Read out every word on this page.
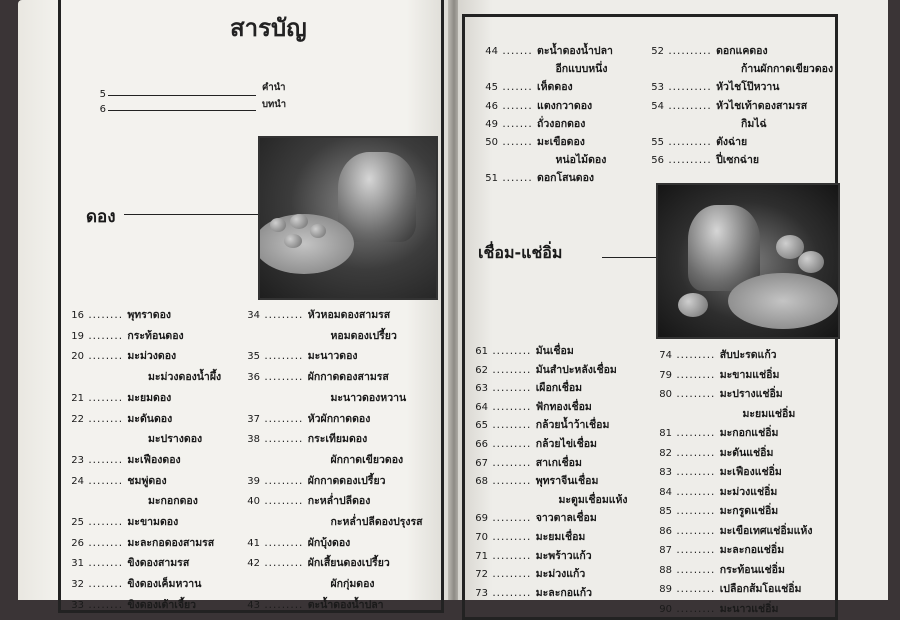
สารบัญ
5
คำนำ
6	บทนำ
ดอง
16 ........ พุทราดอง
19 ........ กระท้อนดอง
20 ........ มะม่วงดอง
มะม่วงดองน้ำผึ้ง
21 ........ มะยมดอง
22 ........ มะดันดอง
มะปรางดอง
23 ........ มะเฟืองดอง
24 ........ ชมพู่ดอง
มะกอกดอง
25 ........ มะขามดอง
26 ........ มะละกอดองสามรส
31 ........ ขิงดองสามรส
32 ........ ขิงดองเค็มหวาน
33 ........ ขิงดองเต้าเจี้ยว
34 ......... หัวหอมดองสามรส
หอมดองเปรี้ยว
35 ......... มะนาวดอง
36 ......... ผักกาดดองสามรส
มะนาวดองหวาน
37 ......... หัวผักกาดดอง
38 ......... กระเทียมดอง
ผักกาดเขียวดอง
39 ......... ผักกาดดองเปรี้ยว
40 ......... กะหล่ำปลีดอง
กะหล่ำปลีดองปรุงรส
41 ......... ผักบุ้งดอง
42 ......... ผักเสี้ยนดองเปรี้ยว
ผักกุ่มดอง
43 ......... ตะน้ำดองน้ำปลา
44 ....... ตะน้ำดองน้ำปลา
อีกแบบหนึ่ง
45 ....... เห็ดดอง
46 ....... แตงกวาดอง
49 ....... ถั่วงอกดอง
50 ....... มะเขือดอง
หน่อไม้ดอง
51 ....... ดอกโสนดอง
52 .......... ดอกแคดอง
ก้านผักกาดเขียวดอง
53 .......... หัวไชโป๊หวาน
54 .......... หัวไชเท้าดองสามรส
กิมไฉ่
55 .......... ตังฉ่าย
56 .......... ปี่เซกฉ่าย
เชื่อม-แช่อิ่ม
61 ......... มันเชื่อม
62 ......... มันสำปะหลังเชื่อม
63 ......... เผือกเชื่อม
64 ......... ฟักทองเชื่อม
65 ......... กล้วยน้ำว้าเชื่อม
66 ......... กล้วยไข่เชื่อม
67 ......... สาเกเชื่อม
68 ......... พุทราจีนเชื่อม
มะตูมเชื่อมแห้ง
69 ......... จาวตาลเชื่อม
70 ......... มะยมเชื่อม
71 ......... มะพร้าวแก้ว
72 ......... มะม่วงแก้ว
73 ......... มะละกอแก้ว
74 ......... สับปะรดแก้ว
79 ......... มะขามแช่อิ่ม
80 ......... มะปรางแช่อิ่ม
มะยมแช่อิ่ม
81 ......... มะกอกแช่อิ่ม
82 ......... มะดันแช่อิ่ม
83 ......... มะเฟืองแช่อิ่ม
84 ......... มะม่วงแช่อิ่ม
85 ......... มะกรูดแช่อิ่ม
86 ......... มะเขือเทศแช่อิ่มแห้ง
87 ......... มะละกอแช่อิ่ม
88 ......... กระท้อนแช่อิ่ม
89 ......... เปลือกส้มโอแช่อิ่ม
90 ......... มะนาวแช่อิ่ม
